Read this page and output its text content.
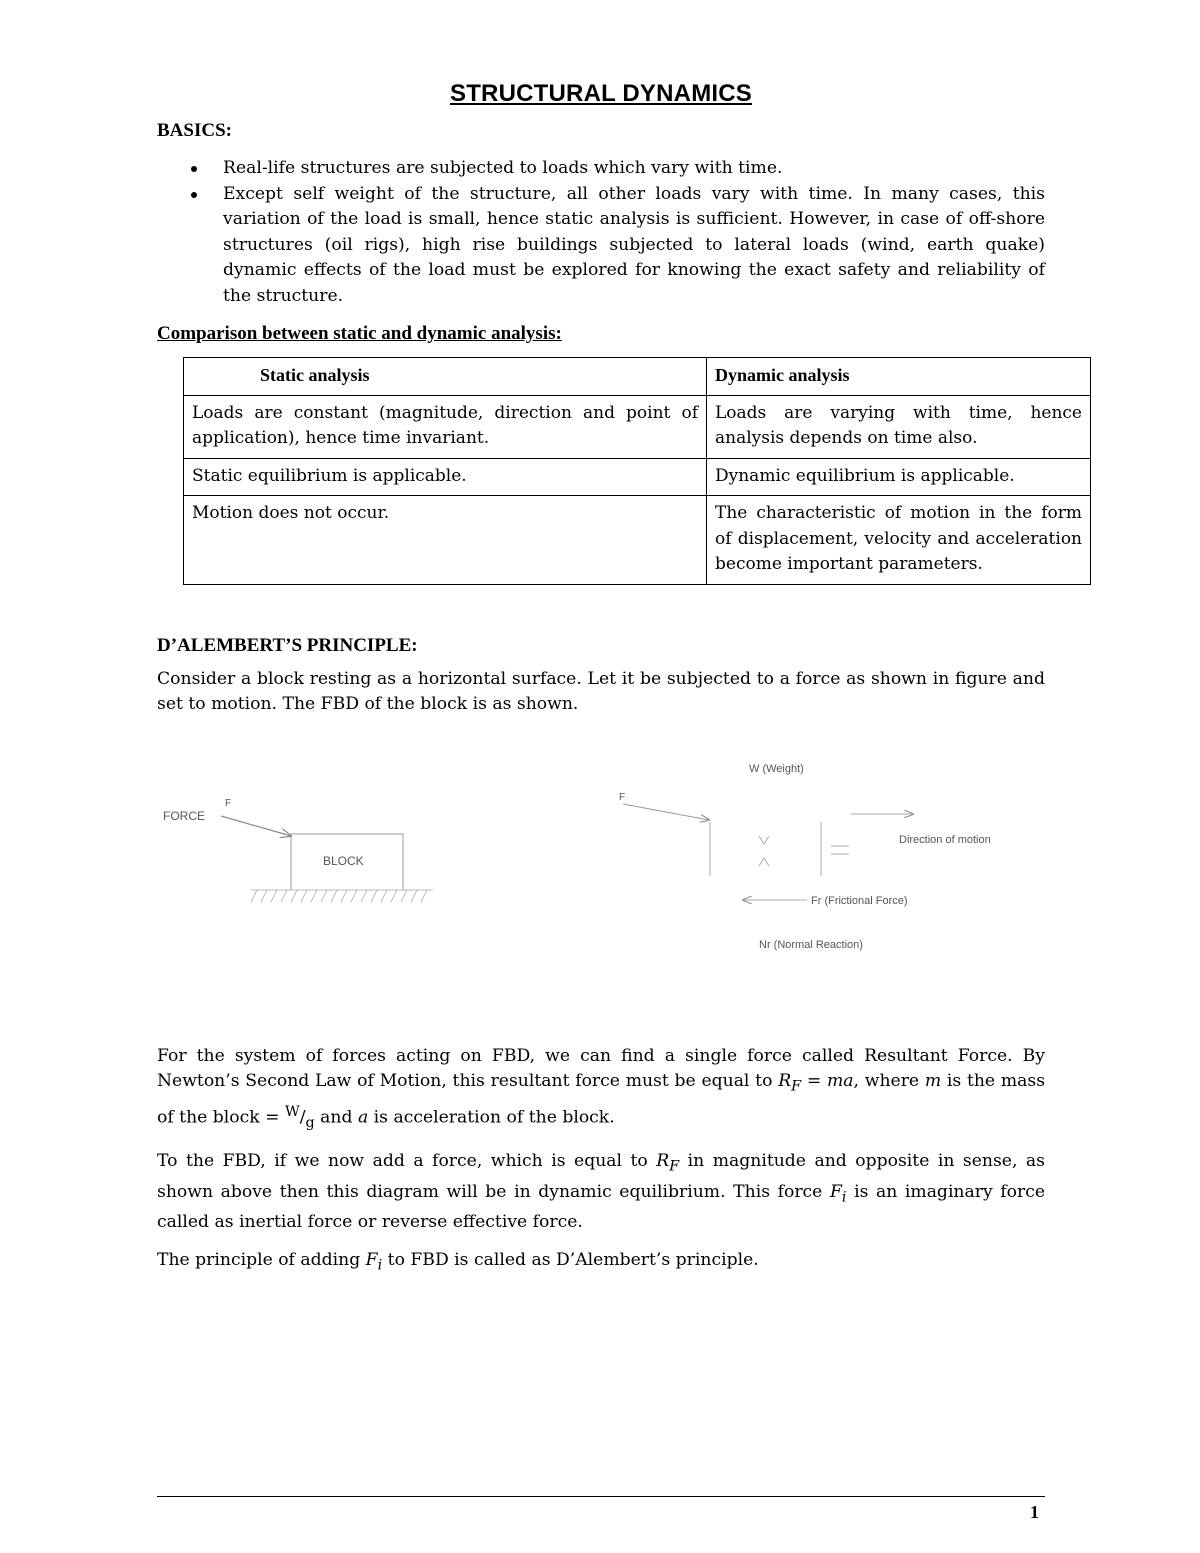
STRUCTURAL DYNAMICS
BASICS:
Real-life structures are subjected to loads which vary with time.
Except self weight of the structure, all other loads vary with time. In many cases, this variation of the load is small, hence static analysis is sufficient. However, in case of off-shore structures (oil rigs), high rise buildings subjected to lateral loads (wind, earth quake) dynamic effects of the load must be explored for knowing the exact safety and reliability of the structure.
Comparison between static and dynamic analysis:
Static analysis	Dynamic analysis
Loads are constant (magnitude, direction and point of application), hence time invariant.	Loads are varying with time, hence analysis depends on time also.
Static equilibrium is applicable.	Dynamic equilibrium is applicable.
Motion does not occur.	The characteristic of motion in the form of displacement, velocity and acceleration become important parameters.
D’ALEMBERT’S PRINCIPLE:

Consider a block resting as a horizontal surface. Let it be subjected to a force as shown in figure and set to motion. The FBD of the block is as shown.

FORCE
F
BLOCK
W (Weight)
F
Direction of motion
Fr (Frictional Force)
Nr (Normal Reaction)

For the system of forces acting on FBD, we can find a single force called Resultant Force. By Newton’s Second Law of Motion, this resultant force must be equal to $R_F$ = ma, where m is the mass of the block = $^W/_g$ and a is acceleration of the block.

To the FBD, if we now add a force, which is equal to $R_F$ in magnitude and opposite in sense, as shown above then this diagram will be in dynamic equilibrium. This force $F_i$ is an imaginary force called as inertial force or reverse effective force.

The principle of adding $F_i$ to FBD is called as D’Alembert’s principle.

1
